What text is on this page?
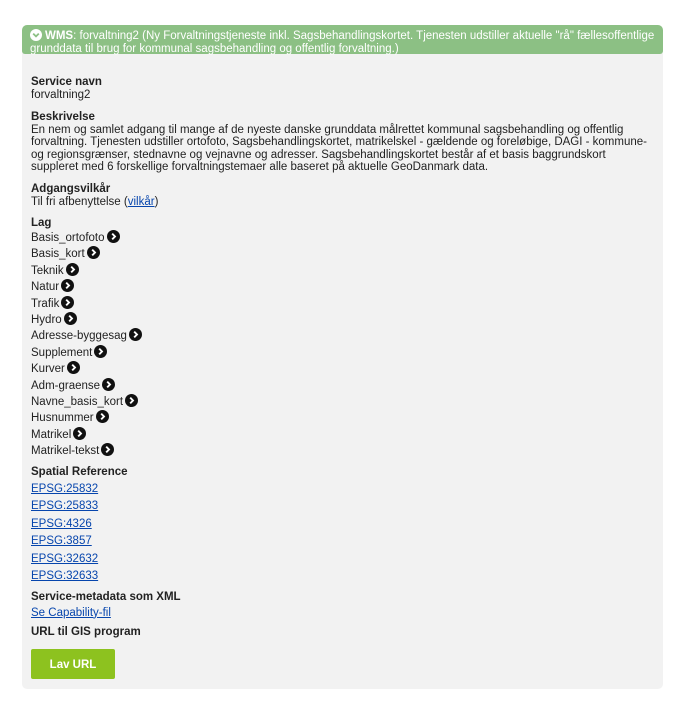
WMS: forvaltning2 (Ny Forvaltningstjeneste inkl. Sagsbehandlingskortet. Tjenesten udstiller aktuelle "rå" fællesoffentlige grunddata til brug for kommunal sagsbehandling og offentlig forvaltning.)
Service navn
forvaltning2
Beskrivelse
En nem og samlet adgang til mange af de nyeste danske grunddata målrettet kommunal sagsbehandling og offentlig forvaltning. Tjenesten udstiller ortofoto, Sagsbehandlingskortet, matrikelskel - gældende og foreløbige, DAGI - kommune- og regionsgrænser, stednavne og vejnavne og adresser. Sagsbehandlingskortet består af et basis baggrundskort suppleret med 6 forskellige forvaltningstemaer alle baseret på aktuelle GeoDanmark data.
Adgangsvilkår
Til fri afbenyttelse (vilkår)
Lag
Basis_ortofoto
Basis_kort
Teknik
Natur
Trafik
Hydro
Adresse-byggesag
Supplement
Kurver
Adm-graense
Navne_basis_kort
Husnummer
Matrikel
Matrikel-tekst
Spatial Reference
EPSG:25832
EPSG:25833
EPSG:4326
EPSG:3857
EPSG:32632
EPSG:32633
Service-metadata som XML
Se Capability-fil
URL til GIS program
Lav URL
